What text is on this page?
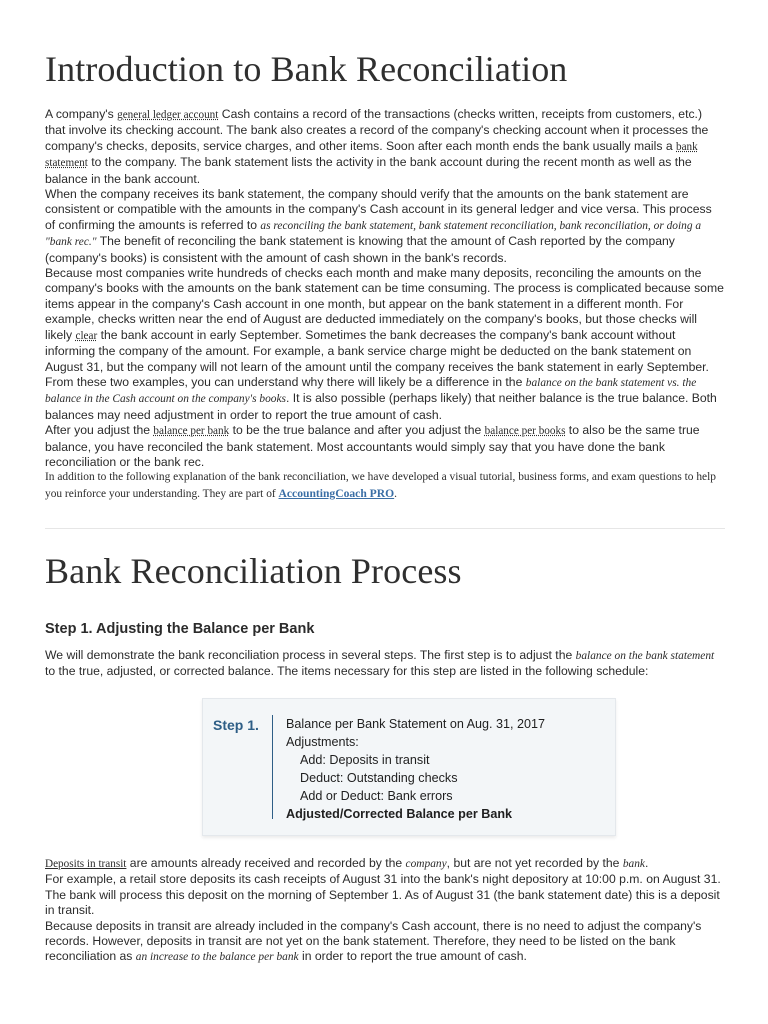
Introduction to Bank Reconciliation

A company's general ledger account Cash contains a record of the transactions (checks written, receipts from customers, etc.) that involve its checking account. The bank also creates a record of the company's checking account when it processes the company's checks, deposits, service charges, and other items. Soon after each month ends the bank usually mails a bank statement to the company. The bank statement lists the activity in the bank account during the recent month as well as the balance in the bank account.

When the company receives its bank statement, the company should verify that the amounts on the bank statement are consistent or compatible with the amounts in the company's Cash account in its general ledger and vice versa. This process of confirming the amounts is referred to as reconciling the bank statement, bank statement reconciliation, bank reconciliation, or doing a "bank rec." The benefit of reconciling the bank statement is knowing that the amount of Cash reported by the company (company's books) is consistent with the amount of cash shown in the bank's records.

Because most companies write hundreds of checks each month and make many deposits, reconciling the amounts on the company's books with the amounts on the bank statement can be time consuming. The process is complicated because some items appear in the company's Cash account in one month, but appear on the bank statement in a different month. For example, checks written near the end of August are deducted immediately on the company's books, but those checks will likely clear the bank account in early September. Sometimes the bank decreases the company's bank account without informing the company of the amount. For example, a bank service charge might be deducted on the bank statement on August 31, but the company will not learn of the amount until the company receives the bank statement in early September. From these two examples, you can understand why there will likely be a difference in the balance on the bank statement vs. the balance in the Cash account on the company's books. It is also possible (perhaps likely) that neither balance is the true balance. Both balances may need adjustment in order to report the true amount of cash.

After you adjust the balance per bank to be the true balance and after you adjust the balance per books to also be the same true balance, you have reconciled the bank statement. Most accountants would simply say that you have done the bank reconciliation or the bank rec.

In addition to the following explanation of the bank reconciliation, we have developed a visual tutorial, business forms, and exam questions to help you reinforce your understanding. They are part of AccountingCoach PRO.

Bank Reconciliation Process
Step 1. Adjusting the Balance per Bank

We will demonstrate the bank reconciliation process in several steps. The first step is to adjust the balance on the bank statement to the true, adjusted, or corrected balance. The items necessary for this step are listed in the following schedule:

Step 1. Balance per Bank Statement on Aug. 31, 2017
Adjustments:
Add: Deposits in transit
Deduct: Outstanding checks
Add or Deduct: Bank errors
Adjusted/Corrected Balance per Bank

Deposits in transit are amounts already received and recorded by the company, but are not yet recorded by the bank.

For example, a retail store deposits its cash receipts of August 31 into the bank's night depository at 10:00 p.m. on August 31. The bank will process this deposit on the morning of September 1. As of August 31 (the bank statement date) this is a deposit in transit.

Because deposits in transit are already included in the company's Cash account, there is no need to adjust the company's records. However, deposits in transit are not yet on the bank statement. Therefore, they need to be listed on the bank reconciliation as an increase to the balance per bank in order to report the true amount of cash.
